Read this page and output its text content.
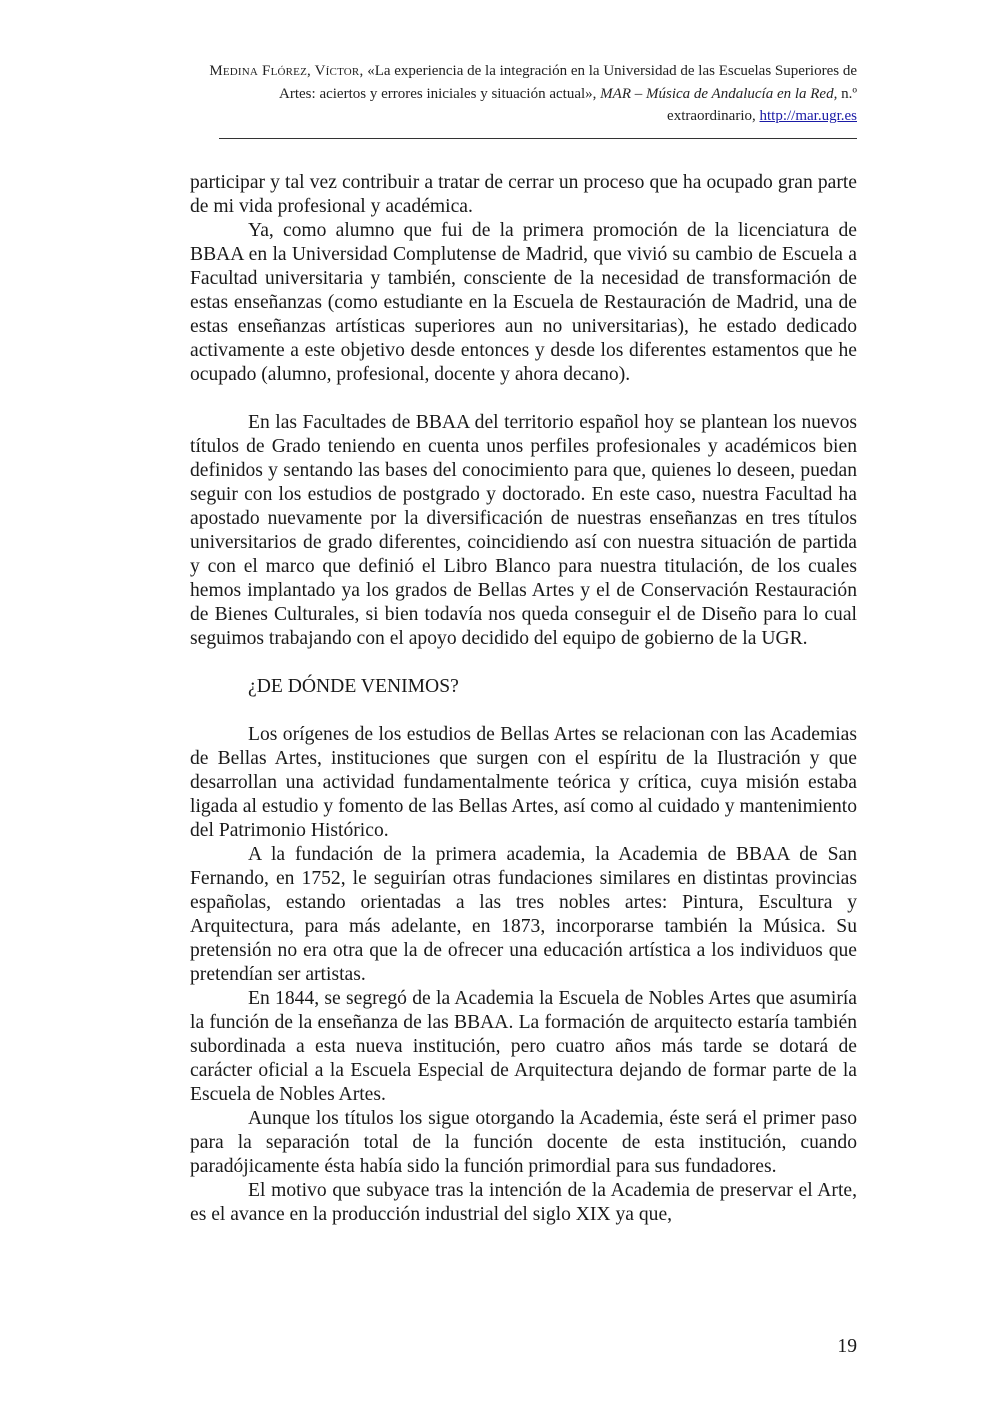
Medina Flórez, Víctor, «La experiencia de la integración en la Universidad de las Escuelas Superiores de Artes: aciertos y errores iniciales y situación actual», MAR – Música de Andalucía en la Red, n.º extraordinario, http://mar.ugr.es

participar y tal vez contribuir a tratar de cerrar un proceso que ha ocupado gran parte de mi vida profesional y académica.

Ya, como alumno que fui de la primera promoción de la licenciatura de BBAA en la Universidad Complutense de Madrid, que vivió su cambio de Escuela a Facultad universitaria y también, consciente de la necesidad de transformación de estas enseñanzas (como estudiante en la Escuela de Restauración de Madrid, una de estas enseñanzas artísticas superiores aun no universitarias), he estado dedicado activamente a este objetivo desde entonces y desde los diferentes estamentos que he ocupado (alumno, profesional, docente y ahora decano).

En las Facultades de BBAA del territorio español hoy se plantean los nuevos títulos de Grado teniendo en cuenta unos perfiles profesionales y académicos bien definidos y sentando las bases del conocimiento para que, quienes lo deseen, puedan seguir con los estudios de postgrado y doctorado. En este caso, nuestra Facultad ha apostado nuevamente por la diversificación de nuestras enseñanzas en tres títulos universitarios de grado diferentes, coincidiendo así con nuestra situación de partida y con el marco que definió el Libro Blanco para nuestra titulación, de los cuales hemos implantado ya los grados de Bellas Artes y el de Conservación Restauración de Bienes Culturales, si bien todavía nos queda conseguir el de Diseño para lo cual seguimos trabajando con el apoyo decidido del equipo de gobierno de la UGR.

¿DE DÓNDE VENIMOS?

Los orígenes de los estudios de Bellas Artes se relacionan con las Academias de Bellas Artes, instituciones que surgen con el espíritu de la Ilustración y que desarrollan una actividad fundamentalmente teórica y crítica, cuya misión estaba ligada al estudio y fomento de las Bellas Artes, así como al cuidado y mantenimiento del Patrimonio Histórico.

A la fundación de la primera academia, la Academia de BBAA de San Fernando, en 1752, le seguirían otras fundaciones similares en distintas provincias españolas, estando orientadas a las tres nobles artes: Pintura, Escultura y Arquitectura, para más adelante, en 1873, incorporarse también la Música. Su pretensión no era otra que la de ofrecer una educación artística a los individuos que pretendían ser artistas.

En 1844, se segregó de la Academia la Escuela de Nobles Artes que asumiría la función de la enseñanza de las BBAA. La formación de arquitecto estaría también subordinada a esta nueva institución, pero cuatro años más tarde se dotará de carácter oficial a la Escuela Especial de Arquitectura dejando de formar parte de la Escuela de Nobles Artes.

Aunque los títulos los sigue otorgando la Academia, éste será el primer paso para la separación total de la función docente de esta institución, cuando paradójicamente ésta había sido la función primordial para sus fundadores.

El motivo que subyace tras la intención de la Academia de preservar el Arte, es el avance en la producción industrial del siglo XIX ya que,

19
